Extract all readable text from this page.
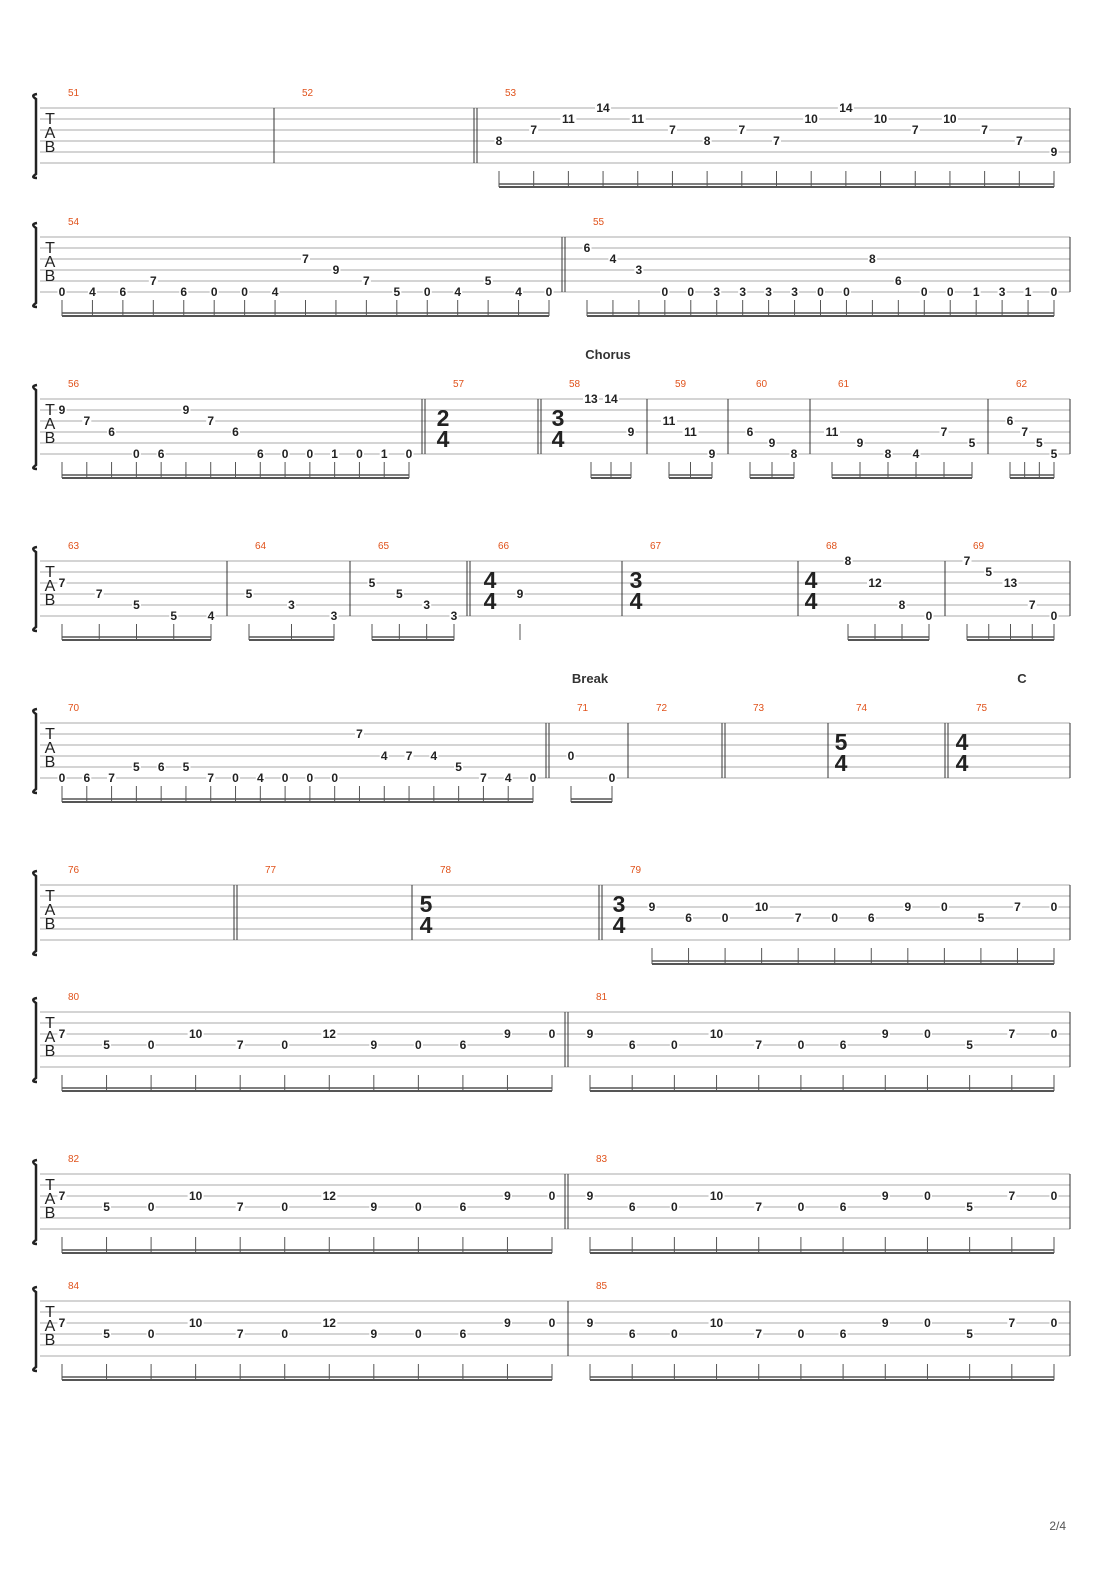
2/4
T
A
B
51	52	53
8
7
11
14
11
7
8
7
7
10
14
10
7
10
7
7
9
T
A
B
54
0 4 6
7
6 0 0 4
7
9
7
5 0 4
5
4 0
55
6
4
3
0 0 3 3 3 3 0 0
8
6
0 0 1 3 1 0
T
A
B
56
9
7
6
0 6
9
7
6
6 0 0 1 0 1 0
57	58
13 14
9
59
11
11
9
60
6
9
8
61
11
9
8 4
7
5
62
6
7
5
5
T
A
B
63
7
7
5
5	4
64
5
3
3
65
5
5
3
3
66
9
67	68
8
12
8
0
69
7
5
13
7
0
T
A
B
70
0 6 7
5 6 5
7 0 4 0 0 0
7
4 7 4
5
7 4 0
71
0
0
72	73	74	75
T
A
B
76	77	78	79
9
6 0
10
7 0 6
9 0
5
7 0
T
A
B
80
7
5	0
10
7	0
12
9	0	6
9	0
81
9
6	0
10
7	0	6
9	0
5
7	0
T
A
B
82
7
5	0
10
7	0
12
9	0	6
9	0
83
9
6	0
10
7	0	6
9	0
5
7	0
T
A
B
84
7
5	0
10
7	0
12
9	0	6
9	0
85
9
6	0
10
7	0	6
9	0
5
7	0
2
4
3
4
4
4
3
4
4
4
5
4
4
4
5
4
3
4
Chorus
Break	C
